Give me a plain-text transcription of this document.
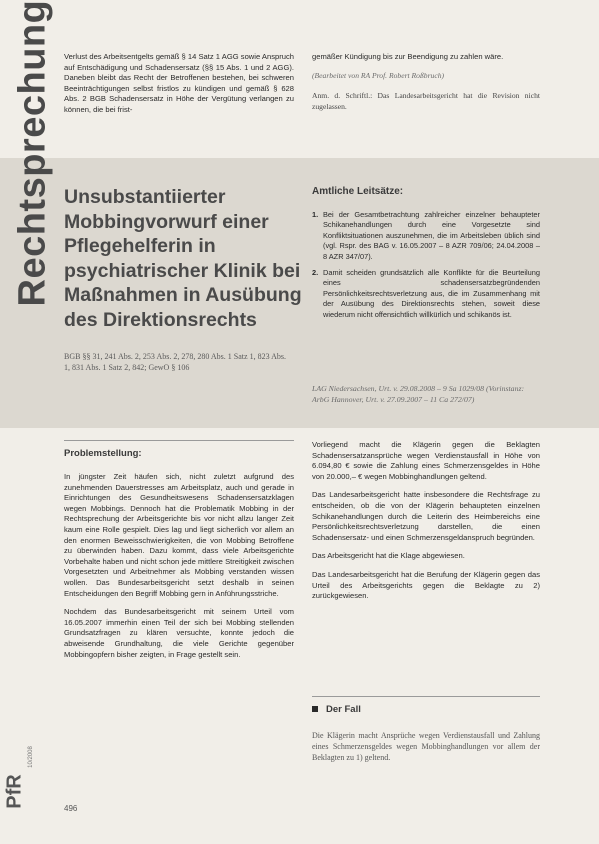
Rechtsprechung Verlust des Arbeitsentgelts gemäß § 14 Satz 1 AGG sowie Anspruch auf Entschädigung und Schadensersatz (§§ 15 Abs. 1 und 2 AGG). Daneben bleibt das Recht der Betroffenen bestehen, bei schweren Beeinträchtigungen selbst fristlos zu kündigen und gemäß § 628 Abs. 2 BGB Schadensersatz in Höhe der Vergütung verlangen zu können, die bei frist-
gemäßer Kündigung bis zur Beendigung zu zahlen wäre.
(Bearbeitet von RA Prof. Robert Roßbruch)
Anm. d. Schriftl.: Das Landesarbeitsgericht hat die Revision nicht zugelassen.
Unsubstantiierter
Mobbingvorwurf einer
Pflegehelferin in
psychiatrischer Klinik bei
Maßnahmen in Ausübung
des Direktionsrechts
BGB §§ 31, 241 Abs. 2, 253 Abs. 2, 278, 280 Abs. 1 Satz 1, 823 Abs. 1, 831 Abs. 1 Satz 2, 842; GewO § 106
Amtliche Leitsätze:
1. Bei der Gesamtbetrachtung zahlreicher einzelner behaupteter Schikanehandlungen durch eine Vorgesetzte sind Konfliktsituationen auszunehmen, die im Arbeitsleben üblich sind (vgl. Rspr. des BAG v. 16.05.2007 – 8 AZR 709/06; 24.04.2008 – 8 AZR 347/07).
2. Damit scheiden grundsätzlich alle Konflikte für die Beurteilung eines schadensersatzbegründenden Persönlichkeitsrechtsverletzung aus, die im Zusammenhang mit der Ausübung des Direktionsrechts stehen, soweit diese wiederum nicht offensichtlich willkürlich und schikanös ist.
LAG Niedersachsen, Urt. v. 29.08.2008 – 9 Sa 1029/08 (Vorinstanz: ArbG Hannover, Urt. v. 27.09.2007 – 11 Ca 272/07)
Problemstellung:

In jüngster Zeit häufen sich, nicht zuletzt aufgrund des zunehmenden Dauerstresses am Arbeitsplatz, auch und gerade in Einrichtungen des Gesundheitswesens Schadensersatzklagen wegen Mobbings. Dennoch hat die Problematik Mobbing in der Rechtsprechung der Arbeitsgerichte bis vor nicht allzu langer Zeit kaum eine Rolle gespielt. Dies lag und liegt sicherlich vor allem an den enormen Beweisschwierigkeiten, die von Mobbing Betroffene zu überwinden haben. Dazu kommt, dass viele Arbeitsgerichte Vorbehalte haben und nicht schon jede mittlere Streitigkeit zwischen Vorgesetzten und Arbeitnehmer als Mobbing verstanden wissen wollen. Das Bundesarbeitsgericht setzt deshalb in seinen Entscheidungen den Begriff Mobbing gern in Anführungsstriche.

Nochdem das Bundesarbeitsgericht mit seinem Urteil vom 16.05.2007 immerhin einen Teil der sich bei Mobbing stellenden Grundsatzfragen zu klären versuchte, konnte jedoch die abweisende Grundhaltung, die viele Gerichte gegenüber Mobbingopfern bisher zeigten, in Frage gestellt sein.

Vorliegend macht die Klägerin gegen die Beklagten Schadensersatzansprüche wegen Verdienstausfall in Höhe von 6.094,80 € sowie die Zahlung eines Schmerzensgeldes in Höhe von 20.000,– € wegen Mobbinghandlungen geltend.

Das Landesarbeitsgericht hatte insbesondere die Rechtsfrage zu entscheiden, ob die von der Klägerin behaupteten einzelnen Schikanehandlungen durch die Leiterin des Heimbereichs eine Persönlichkeitsrechtsverletzung darstellen, die einen Schadensersatz- und einen Schmerzensgeldanspruch begründen.

Das Arbeitsgericht hat die Klage abgewiesen.

Das Landesarbeitsgericht hat die Berufung der Klägerin gegen das Urteil des Arbeitsgerichts gegen die Beklagte zu 2) zurückgewiesen.

Der Fall
Die Klägerin macht Ansprüche wegen Verdienstausfall und Zahlung eines Schmerzensgeldes wegen Mobbinghandlungen vor allem der Beklagten zu 1) geltend.
PfR
10/2008
496
